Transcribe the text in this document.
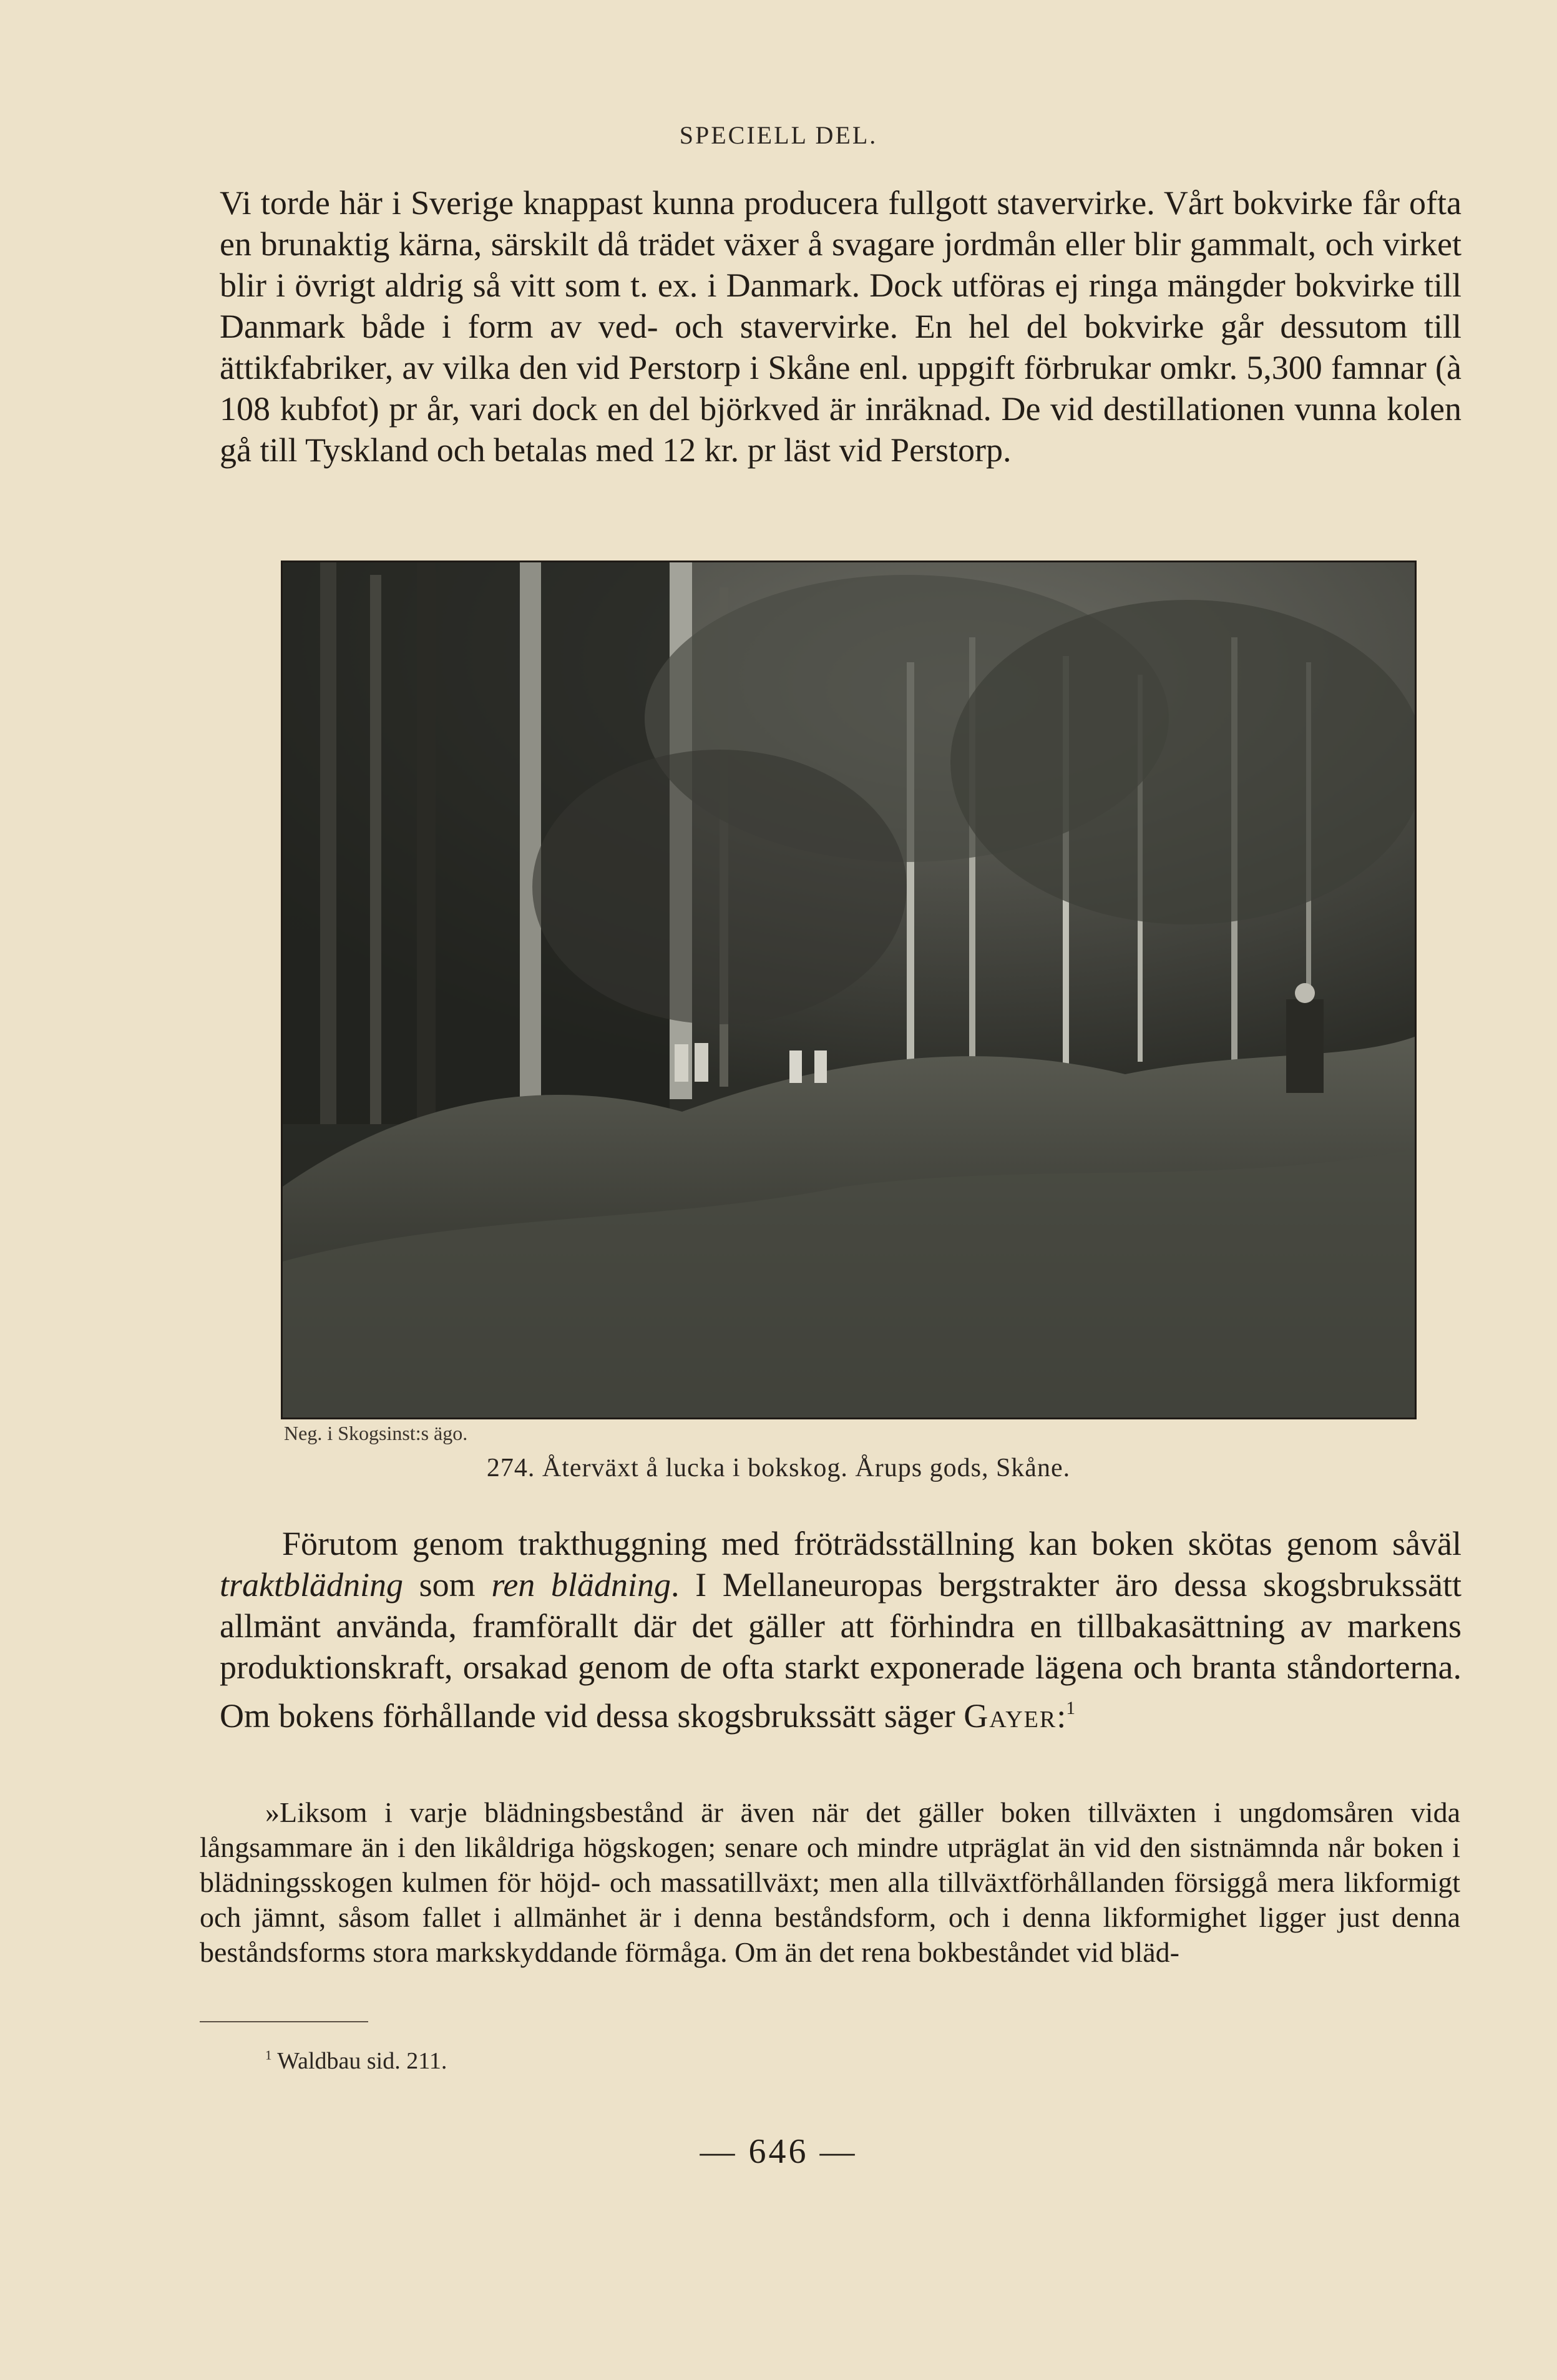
SPECIELL DEL.

Vi torde här i Sverige knappast kunna producera fullgott stavervirke. Vårt bokvirke får ofta en brunaktig kärna, särskilt då trädet växer å svagare jordmån eller blir gammalt, och virket blir i övrigt aldrig så vitt som t. ex. i Danmark. Dock utföras ej ringa mängder bokvirke till Danmark både i form av ved- och stavervirke. En hel del bokvirke går dessutom till ättikfabriker, av vilka den vid Perstorp i Skåne enl. uppgift förbrukar omkr. 5,300 famnar (à 108 kubfot) pr år, vari dock en del björkved är inräknad. De vid destillationen vunna kolen gå till Tyskland och betalas med 12 kr. pr läst vid Perstorp.

Neg. i Skogsinst:s ägo.
274. Återväxt å lucka i bokskog. Årups gods, Skåne.

Förutom genom trakthuggning med fröträdsställning kan boken skötas genom såväl traktblädning som ren blädning. I Mellaneuropas bergstrakter äro dessa skogsbrukssätt allmänt använda, framförallt där det gäller att förhindra en tillbakasättning av markens produktionskraft, orsakad genom de ofta starkt exponerade lägena och branta ståndorterna. Om bokens förhållande vid dessa skogsbrukssätt säger Gayer:$^1$

»Liksom i varje blädningsbestånd är även när det gäller boken tillväxten i ungdomsåren vida långsammare än i den likåldriga högskogen; senare och mindre utpräglat än vid den sistnämnda når boken i blädningsskogen kulmen för höjd- och massatillväxt; men alla tillväxtförhållanden försiggå mera likformigt och jämnt, såsom fallet i allmänhet är i denna beståndsform, och i denna likformighet ligger just denna beståndsforms stora markskyddande förmåga. Om än det rena bokbeståndet vid bläd-

$^1$ Waldbau sid. 211.
— 646 —
